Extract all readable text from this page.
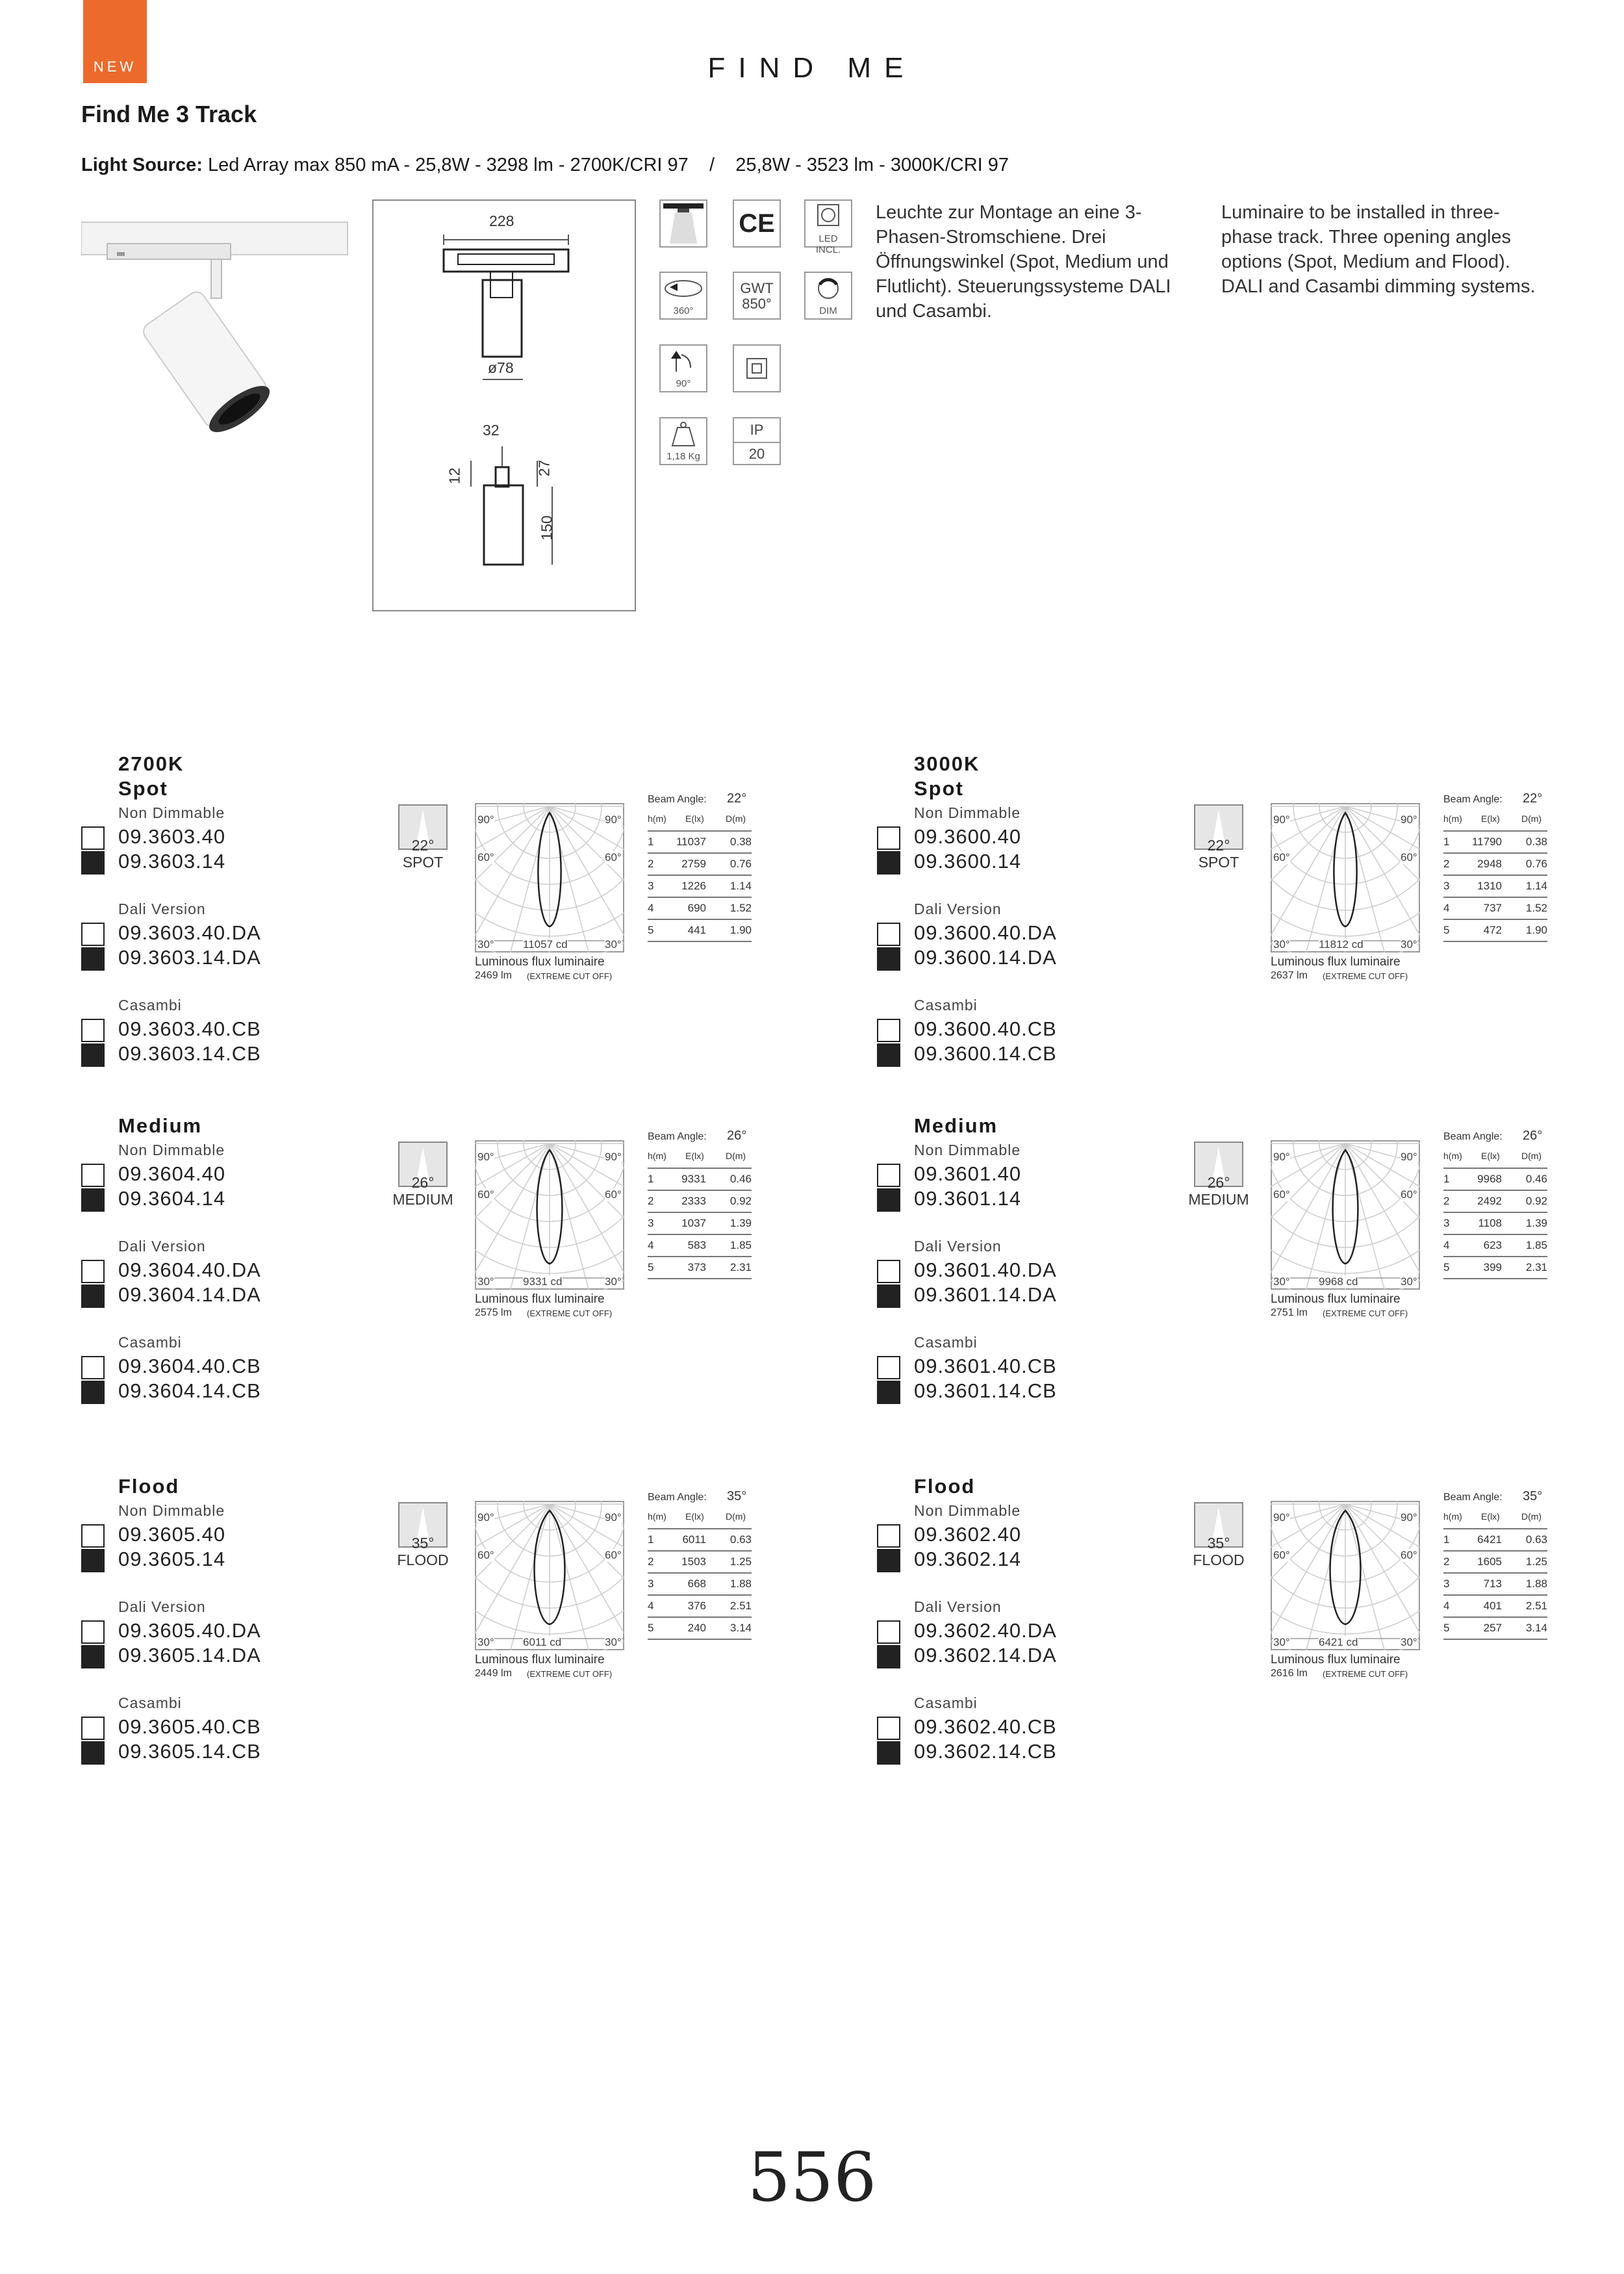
NEW	FIND ME
Find Me 3 Track
Light Source: Led Array max 850 mA - 25,8W - 3298 lm - 2700K/CRI 97    /    25,8W - 3523 lm - 3000K/CRI 97
228
ø78
32
12	27
150
360°
90°
1,18 Kg
CE
GWT
850°
IP
20
LED INCL.
DIM
Leuchte zur Montage an eine 3-Phasen-Stromschiene. Drei Öffnungswinkel (Spot, Medium und Flutlicht). Steuerungssysteme DALI und Casambi.
Luminaire to be installed in three-phase track. Three opening angles options (Spot, Medium and Flood). DALI and Casambi dimming systems.
2700K
Spot
Non Dimmable
09.3603.40
09.3603.14
Dali Version
09.3603.40.DA
09.3603.14.DA
Casambi
09.3603.40.CB
09.3603.14.CB
22°
SPOT
90°	90°
60°	60°
30°	30°
11057 cd
Luminous flux luminaire
2469 lm (EXTREME CUT OFF)
Beam Angle: 22°
h(m) E(lx) D(m)
1	11037	0.38
2	2759	0.76
3	1226	1.14
4	690	1.52
5	441	1.90
3000K
Spot
Non Dimmable
09.3600.40
09.3600.14
Dali Version
09.3600.40.DA
09.3600.14.DA
Casambi
09.3600.40.CB
09.3600.14.CB
22°
SPOT
90°	90°
60°	60°
30°	30°
11812 cd
Luminous flux luminaire
2637 lm (EXTREME CUT OFF)
Beam Angle: 22°
h(m) E(lx) D(m)
1	11790	0.38
2	2948	0.76
3	1310	1.14
4	737	1.52
5	472	1.90
Medium
Non Dimmable
09.3604.40
09.3604.14
Dali Version
09.3604.40.DA
09.3604.14.DA
Casambi
09.3604.40.CB
09.3604.14.CB
26°
MEDIUM
90°	90°
60°	60°
30°	30°
9331 cd
Luminous flux luminaire
2575 lm (EXTREME CUT OFF)
Beam Angle: 26°
h(m) E(lx) D(m)
1	9331	0.46
2	2333	0.92
3	1037	1.39
4	583	1.85
5	373	2.31
Medium
Non Dimmable
09.3601.40
09.3601.14
Dali Version
09.3601.40.DA
09.3601.14.DA
Casambi
09.3601.40.CB
09.3601.14.CB
26°
MEDIUM
90°	90°
60°	60°
30°	30°
9968 cd
Luminous flux luminaire
2751 lm (EXTREME CUT OFF)
Beam Angle: 26°
h(m) E(lx) D(m)
1	9968	0.46
2	2492	0.92
3	1108	1.39
4	623	1.85
5	399	2.31
Flood
Non Dimmable
09.3605.40
09.3605.14
Dali Version
09.3605.40.DA
09.3605.14.DA
Casambi
09.3605.40.CB
09.3605.14.CB
35°
FLOOD
90°	90°
60°	60°
30°	30°
6011 cd
Luminous flux luminaire
2449 lm (EXTREME CUT OFF)
Beam Angle: 35°
h(m) E(lx) D(m)
1	6011	0.63
2	1503	1.25
3	668	1.88
4	376	2.51
5	240	3.14
Flood
Non Dimmable
09.3602.40
09.3602.14
Dali Version
09.3602.40.DA
09.3602.14.DA
Casambi
09.3602.40.CB
09.3602.14.CB
35°
FLOOD
90°	90°
60°	60°
30°	30°
6421 cd
Luminous flux luminaire
2616 lm (EXTREME CUT OFF)
Beam Angle: 35°
h(m) E(lx) D(m)
1	6421	0.63
2	1605	1.25
3	713	1.88
4	401	2.51
5	257	3.14
556
